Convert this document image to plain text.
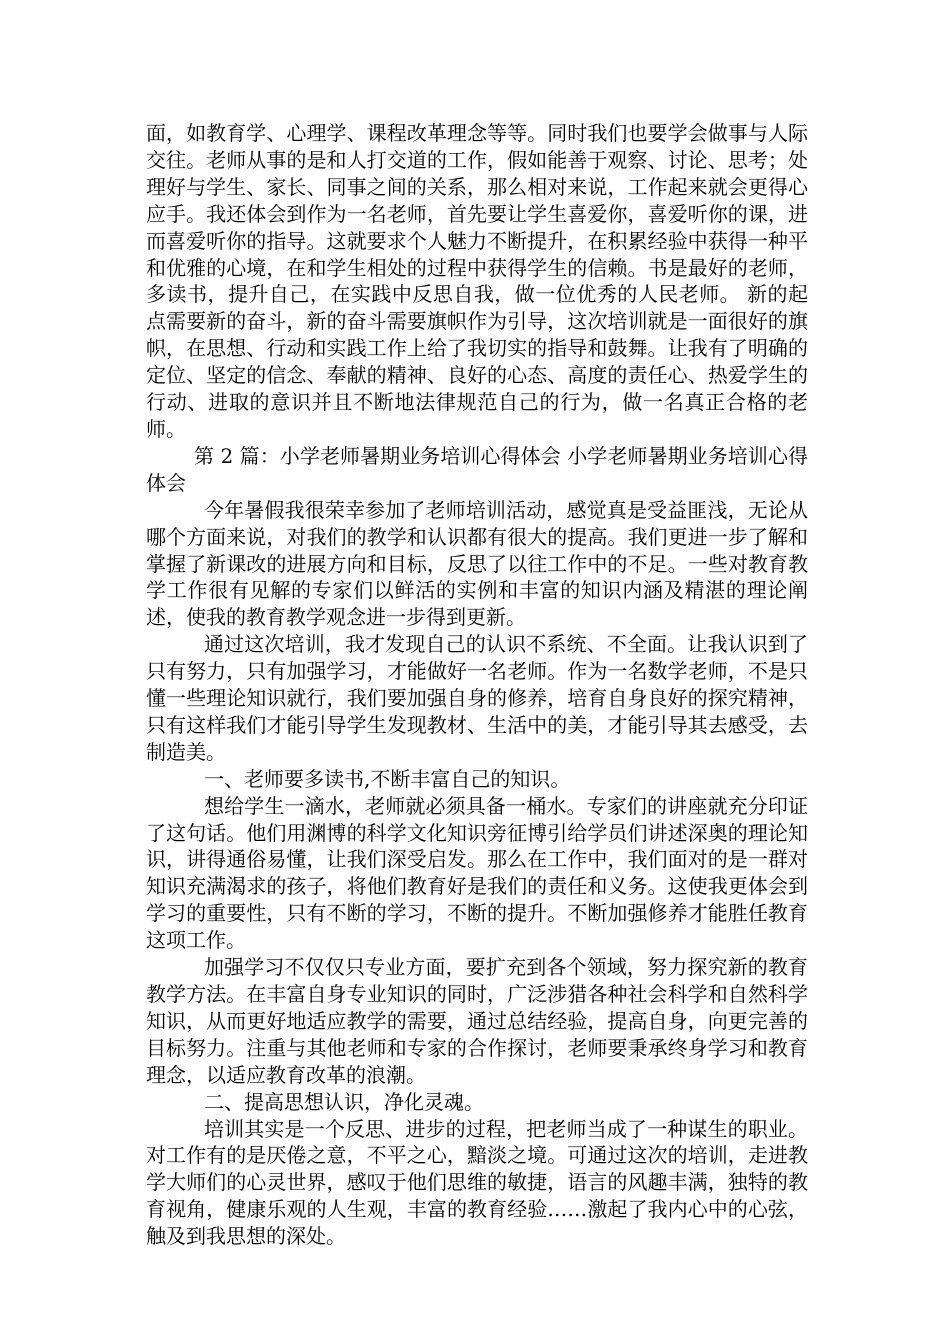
面，如教育学、心理学、课程改革理念等等。同时我们也要学会做事与人际交往。老师从事的是和人打交道的工作，假如能善于观察、讨论、思考；处理好与学生、家长、同事之间的关系，那么相对来说，工作起来就会更得心应手。我还体会到作为一名老师，首先要让学生喜爱你，喜爱听你的课，进而喜爱听你的指导。这就要求个人魅力不断提升，在积累经验中获得一种平和优雅的心境，在和学生相处的过程中获得学生的信赖。书是最好的老师，多读书，提升自己，在实践中反思自我，做一位优秀的人民老师。 新的起点需要新的奋斗，新的奋斗需要旗帜作为引导，这次培训就是一面很好的旗帜，在思想、行动和实践工作上给了我切实的指导和鼓舞。让我有了明确的定位、坚定的信念、奉献的精神、良好的心态、高度的责任心、热爱学生的行动、进取的意识并且不断地法律规范自己的行为，做一名真正合格的老师。

第 2 篇：小学老师暑期业务培训心得体会 小学老师暑期业务培训心得体会

今年暑假我很荣幸参加了老师培训活动，感觉真是受益匪浅，无论从哪个方面来说，对我们的教学和认识都有很大的提高。我们更进一步了解和掌握了新课改的进展方向和目标，反思了以往工作中的不足。一些对教育教学工作很有见解的专家们以鲜活的实例和丰富的知识内涵及精湛的理论阐述，使我的教育教学观念进一步得到更新。

通过这次培训，我才发现自己的认识不系统、不全面。让我认识到了只有努力，只有加强学习，才能做好一名老师。作为一名数学老师，不是只懂一些理论知识就行，我们要加强自身的修养，培育自身良好的探究精神，只有这样我们才能引导学生发现教材、生活中的美，才能引导其去感受，去制造美。

一、老师要多读书,不断丰富自己的知识。

想给学生一滴水，老师就必须具备一桶水。专家们的讲座就充分印证了这句话。他们用渊博的科学文化知识旁征博引给学员们讲述深奥的理论知识，讲得通俗易懂，让我们深受启发。那么在工作中，我们面对的是一群对知识充满渴求的孩子，将他们教育好是我们的责任和义务。这使我更体会到学习的重要性，只有不断的学习，不断的提升。不断加强修养才能胜任教育这项工作。

加强学习不仅仅只专业方面，要扩充到各个领域，努力探究新的教育教学方法。在丰富自身专业知识的同时，广泛涉猎各种社会科学和自然科学知识，从而更好地适应教学的需要，通过总结经验，提高自身，向更完善的目标努力。注重与其他老师和专家的合作探讨，老师要秉承终身学习和教育理念，以适应教育改革的浪潮。

二、提高思想认识，净化灵魂。

培训其实是一个反思、进步的过程，把老师当成了一种谋生的职业。对工作有的是厌倦之意，不平之心，黯淡之境。可通过这次的培训，走进教学大师们的心灵世界，感叹于他们思维的敏捷，语言的风趣丰满，独特的教育视角，健康乐观的人生观，丰富的教育经验……激起了我内心中的心弦，触及到我思想的深处。
